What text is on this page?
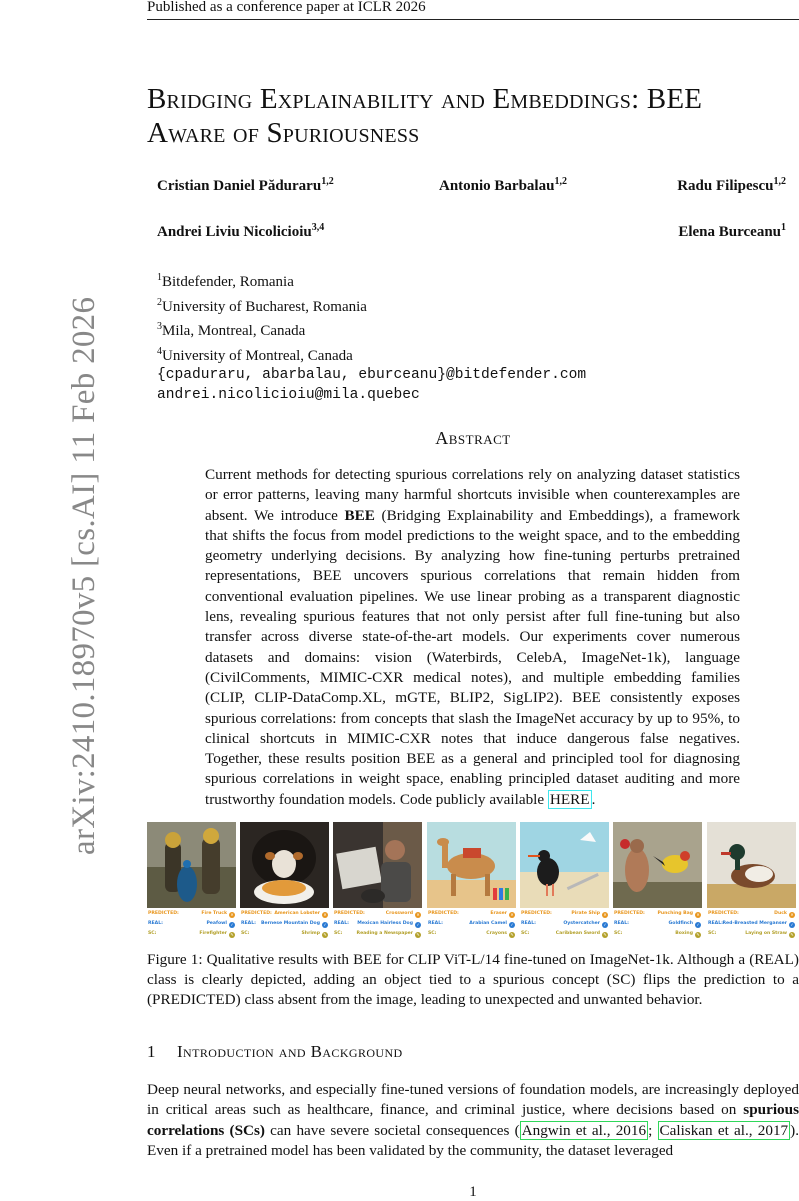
Published as a conference paper at ICLR 2026
arXiv:2410.18970v5 [cs.AI] 11 Feb 2026
Bridging Explainability and Embeddings: BEE
Aware of Spuriousness
Cristian Daniel Păduraru$^{1,2}$	Antonio Barbalau$^{1,2}$	Radu Filipescu$^{1,2}$
Andrei Liviu Nicolicioiu$^{3,4}$	Elena Burceanu$^1$
$^1$Bitdefender, Romania
$^2$University of Bucharest, Romania
$^3$Mila, Montreal, Canada
$^4$University of Montreal, Canada
{cpaduraru, abarbalau, eburceanu}@bitdefender.com
andrei.nicolicioiu@mila.quebec
Abstract
Current methods for detecting spurious correlations rely on analyzing dataset statistics or error patterns, leaving many harmful shortcuts invisible when counterexamples are absent. We introduce BEE (Bridging Explainability and Embeddings), a framework that shifts the focus from model predictions to the weight space, and to the embedding geometry underlying decisions. By analyzing how fine-tuning perturbs pretrained representations, BEE uncovers spurious correlations that remain hidden from conventional evaluation pipelines. We use linear probing as a transparent diagnostic lens, revealing spurious features that not only persist after full fine-tuning but also transfer across diverse state-of-the-art models. Our experiments cover numerous datasets and domains: vision (Waterbirds, CelebA, ImageNet-1k), language (CivilComments, MIMIC-CXR medical notes), and multiple embedding families (CLIP, CLIP-DataComp.XL, mGTE, BLIP2, SigLIP2). BEE consistently exposes spurious correlations: from concepts that slash the ImageNet accuracy by up to 95%, to clinical shortcuts in MIMIC-CXR notes that induce dangerous false negatives. Together, these results position BEE as a general and principled tool for diagnosing spurious correlations in weight space, enabling principled dataset auditing and more trustworthy foundation models. Code publicly available HERE .
PREDICTED:	Fire Truck ✕
REAL:	Peafowl ✓
SC:	Firefighter ✎
PREDICTED: American Lobster ✕
REAL: Bernese Mountain Dog ✓
SC:	Shrimp ✎
PREDICTED:	Crossword ✕
REAL: Mexican Hairless Dog ✓
SC:	Reading a Newspaper ✎
PREDICTED:	Eraser ✕
REAL:	Arabian Camel ✓
SC:	Crayons ✎
PREDICTED:	Pirate Ship ✕
REAL:	Oystercatcher ✓
SC:	Caribbean Sword ✎
PREDICTED:	Punching Bag ✕
REAL:	Goldfinch ✓
SC:	Boxing ✎
PREDICTED:	Duck ✕
REAL: Red-Breasted Merganser ✓
SC:	Laying on Straw ✎
Figure 1: Qualitative results with BEE for CLIP ViT-L/14 fine-tuned on ImageNet-1k. Although a (REAL) class is clearly depicted, adding an object tied to a spurious concept (SC) flips the prediction to a (PREDICTED) class absent from the image, leading to unexpected and unwanted behavior.
1 Introduction and Background
Deep neural networks, and especially fine-tuned versions of foundation models, are increasingly deployed in critical areas such as healthcare, finance, and criminal justice, where decisions based on spurious correlations (SCs) can have severe societal consequences ( Angwin et al., 2016 ; Caliskan et al., 2017 ). Even if a pretrained model has been validated by the community, the dataset leveraged
1
